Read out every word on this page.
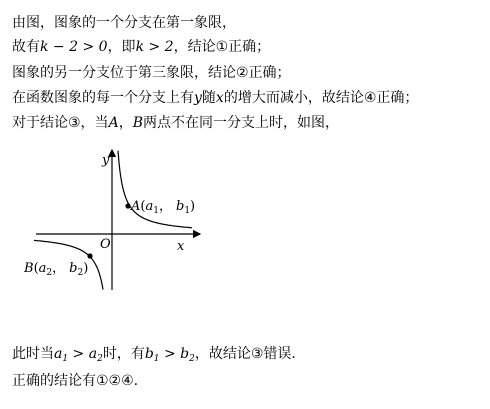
由图，图象的一个分支在第一象限，
故有k − 2 > 0，即k > 2，结论①正确；
图象的另一分支位于第三象限，结论②正确；
在函数图象的每一个分支上有y随x的增大而减小，故结论④正确；
对于结论③，当A，B两点不在同一分支上时，如图，
y
x
O
$A(a_1$， $b_1$)
$B(a_2$， $b_2$)
此时当$a_1 > a_2$时，有$b_1 > b_2$，故结论③错误.
正确的结论有①②④.
